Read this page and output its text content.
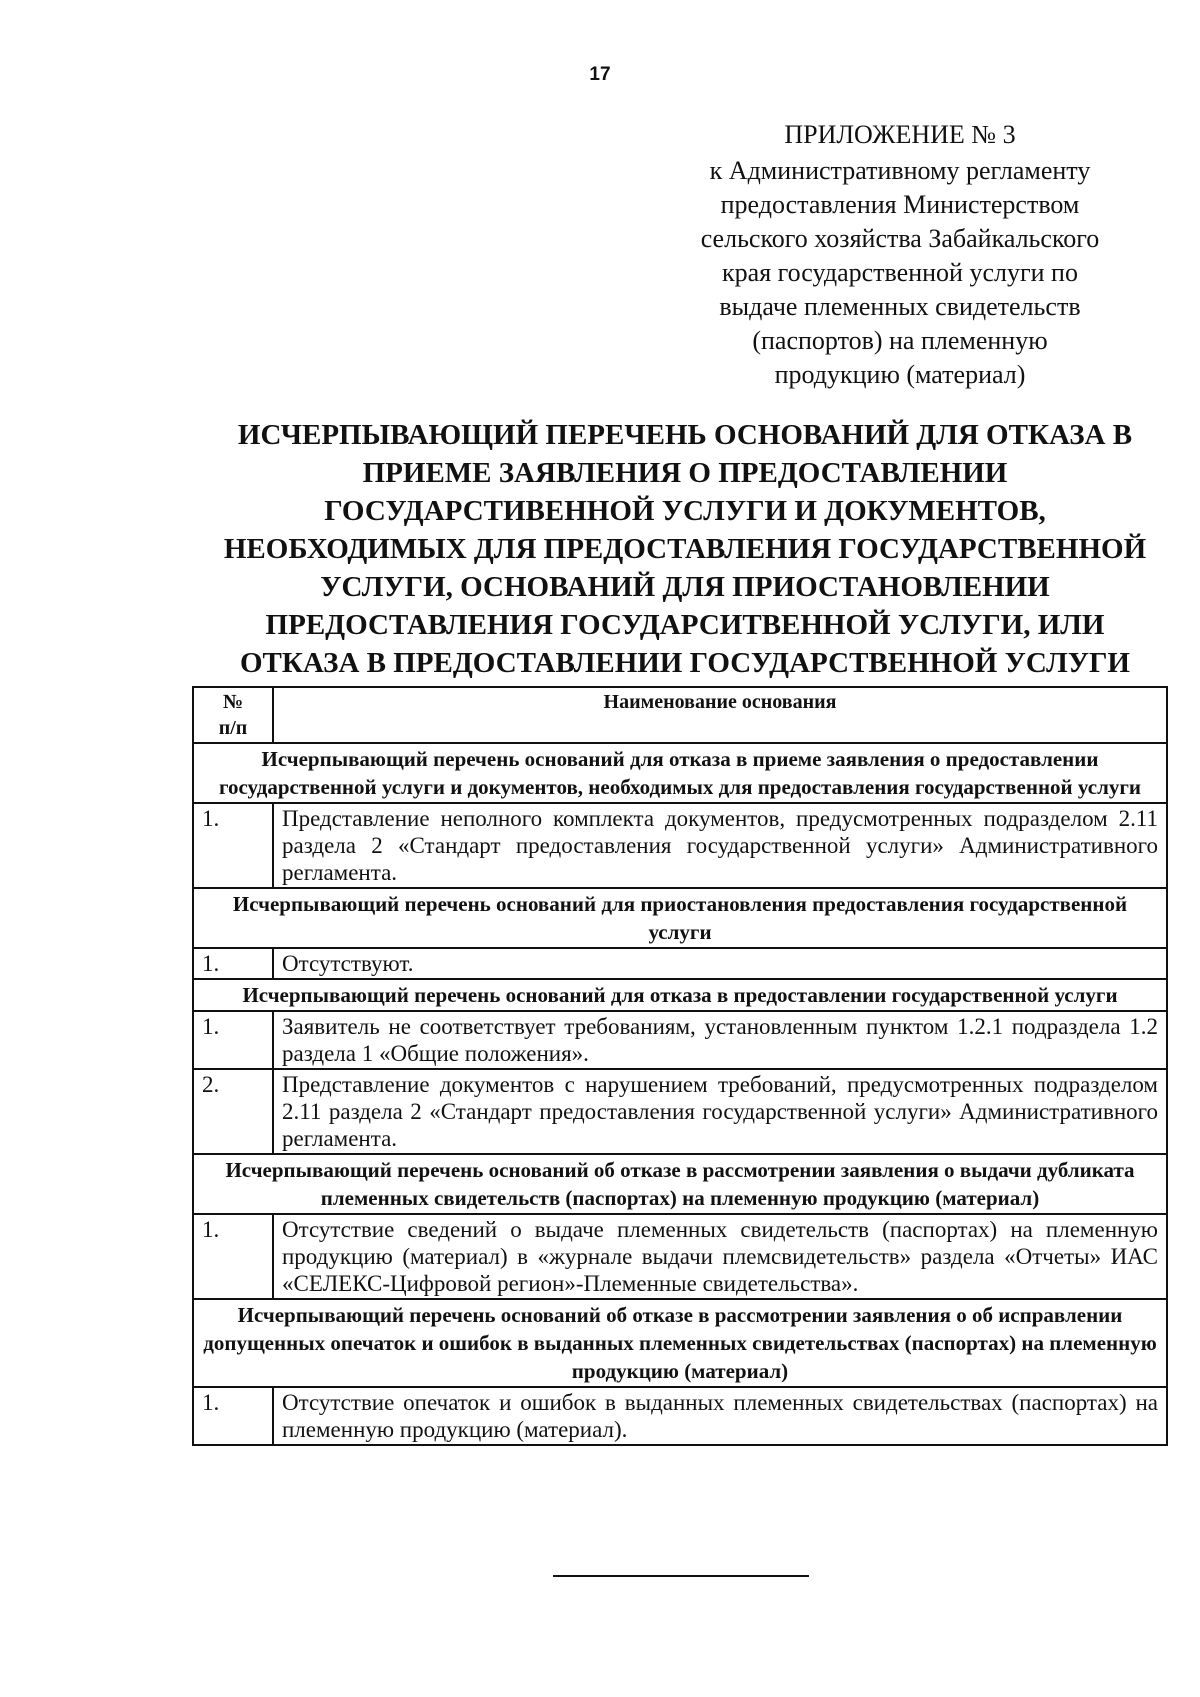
17
ПРИЛОЖЕНИЕ № 3
к Административному регламенту
предоставления Министерством
сельского хозяйства Забайкальского
края государственной услуги по
выдаче племенных свидетельств
(паспортов) на племенную
продукцию (материал)
ИСЧЕРПЫВАЮЩИЙ ПЕРЕЧЕНЬ ОСНОВАНИЙ ДЛЯ ОТКАЗА В
ПРИЕМЕ ЗАЯВЛЕНИЯ О ПРЕДОСТАВЛЕНИИ
ГОСУДАРСТИВЕННОЙ УСЛУГИ И ДОКУМЕНТОВ,
НЕОБХОДИМЫХ ДЛЯ ПРЕДОСТАВЛЕНИЯ ГОСУДАРСТВЕННОЙ
УСЛУГИ, ОСНОВАНИЙ ДЛЯ ПРИОСТАНОВЛЕНИИ
ПРЕДОСТАВЛЕНИЯ ГОСУДАРСИТВЕННОЙ УСЛУГИ, ИЛИ
ОТКАЗА В ПРЕДОСТАВЛЕНИИ ГОСУДАРСТВЕННОЙ УСЛУГИ
№
п/п	Наименование основания
Исчерпывающий перечень оснований для отказа в приеме заявления о предоставлении государственной услуги и документов, необходимых для предоставления государственной услуги	
1.	Представление неполного комплекта документов, предусмотренных подразделом 2.11 раздела 2 «Стандарт предоставления государственной услуги» Административного регламента.
Исчерпывающий перечень оснований для приостановления предоставления государственной услуги	
1.	Отсутствуют.
Исчерпывающий перечень оснований для отказа в предоставлении государственной услуги	
1.	Заявитель не соответствует требованиям, установленным пунктом 1.2.1 подраздела 1.2 раздела 1 «Общие положения».
2.	Представление документов с нарушением требований, предусмотренных подразделом 2.11 раздела 2 «Стандарт предоставления государственной услуги» Административного регламента.
Исчерпывающий перечень оснований об отказе в рассмотрении заявления о выдачи дубликата племенных свидетельств (паспортах) на племенную продукцию (материал)	
1.	Отсутствие сведений о выдаче племенных свидетельств (паспортах) на племенную продукцию (материал) в «журнале выдачи племсвидетельств» раздела «Отчеты» ИАС «СЕЛЕКС-Цифровой регион»-Племенные свидетельства».
Исчерпывающий перечень оснований об отказе в рассмотрении заявления о об исправлении допущенных опечаток и ошибок в выданных племенных свидетельствах (паспортах) на племенную продукцию (материал)	
1.	Отсутствие опечаток и ошибок в выданных племенных свидетельствах (паспортах) на племенную продукцию (материал).
